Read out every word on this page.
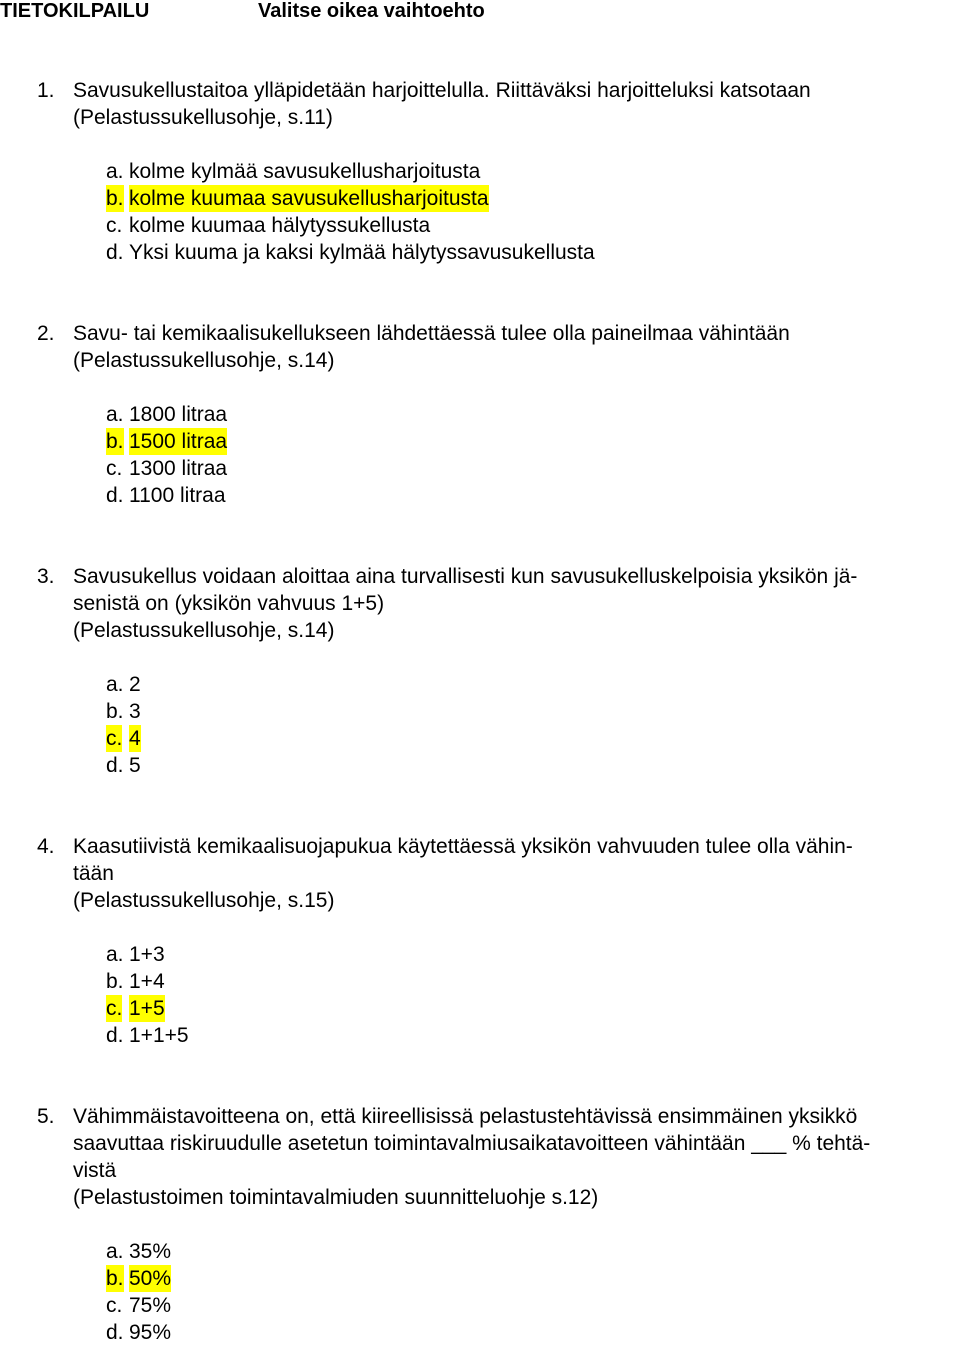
TIETOKILPAILU	Valitse oikea vaihtoehto
Savusukellustaitoa ylläpidetään harjoittelulla. Riittäväksi harjoitteluksi katsotaan
(Pelastussukellusohje, s.11)
1.
a. kolme kylmää savusukellusharjoitusta
b. kolme kuumaa savusukellusharjoitusta
c. kolme kuumaa hälytyssukellusta
d. Yksi kuuma ja kaksi kylmää hälytyssavusukellusta
Savu- tai kemikaalisukellukseen lähdettäessä tulee olla paineilmaa vähintään
(Pelastussukellusohje, s.14)
2.
a. 1800 litraa
b. 1500 litraa
c. 1300 litraa
d. 1100 litraa
Savusukellus voidaan aloittaa aina turvallisesti kun savusukelluskelpoisia yksikön jä-
senistä on (yksikön vahvuus 1+5)
(Pelastussukellusohje, s.14)
3.
a. 2
b. 3
c. 4
d. 5
Kaasutiivistä kemikaalisuojapukua käytettäessä yksikön vahvuuden tulee olla vähin-
tään
(Pelastussukellusohje, s.15)
4.
a. 1+3
b. 1+4
c. 1+5
d. 1+1+5
Vähimmäistavoitteena on, että kiireellisissä pelastustehtävissä ensimmäinen yksikkö
saavuttaa riskiruudulle asetetun toimintavalmiusaikatavoitteen vähintään ___ % tehtä-
vistä
(Pelastustoimen toimintavalmiuden suunnitteluohje s.12)
5.
a. 35%
b. 50%
c. 75%
d. 95%
